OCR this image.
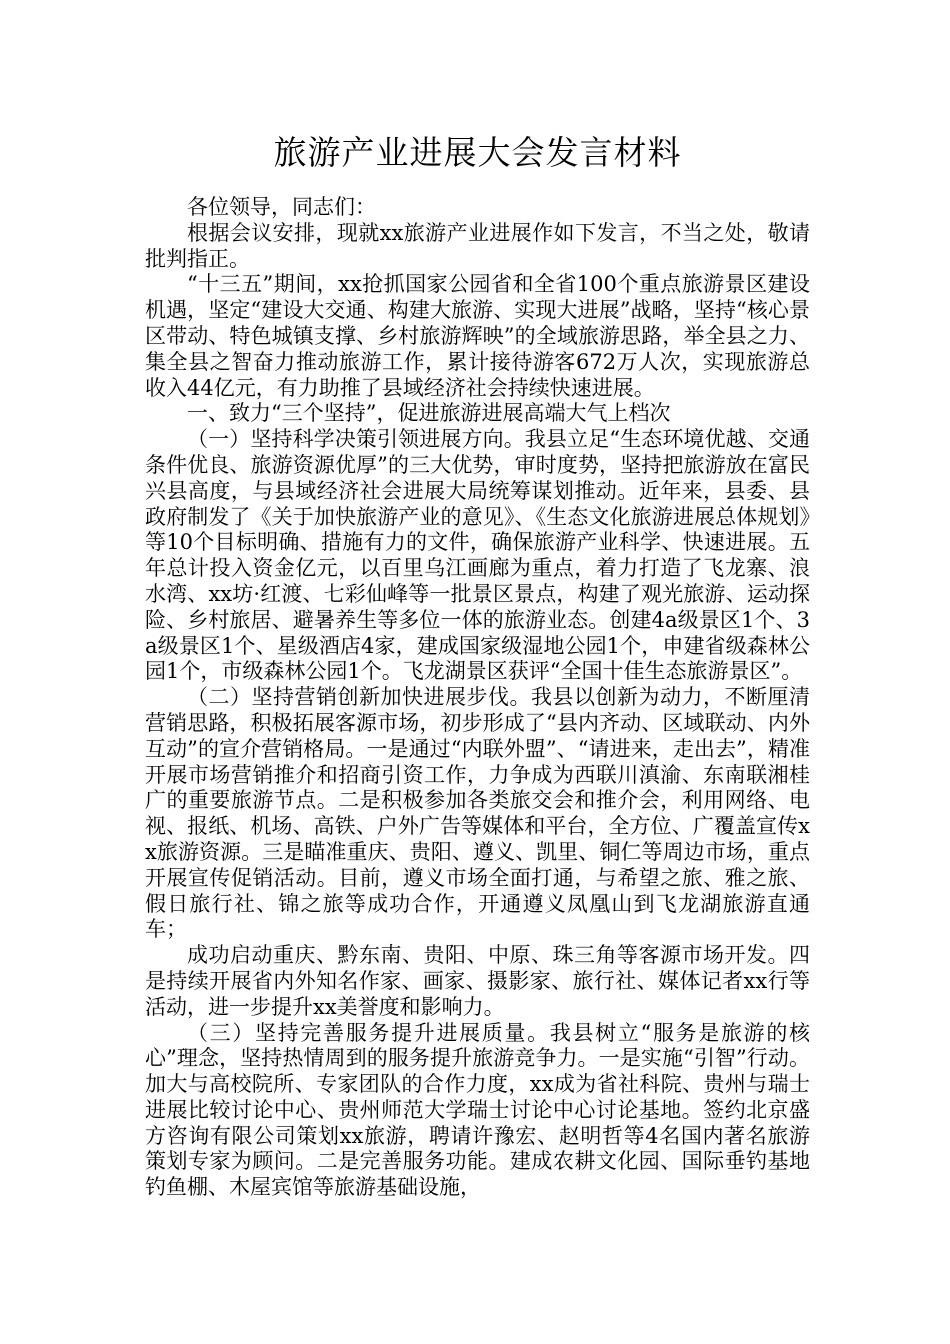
旅游产业进展大会发言材料

各位领导，同志们：

根据会议安排，现就xx旅游产业进展作如下发言，不当之处，敬请批判指正。

“十三五”期间，xx抢抓国家公园省和全省100个重点旅游景区建设机遇，坚定“建设大交通、构建大旅游、实现大进展”战略，坚持“核心景区带动、特色城镇支撑、乡村旅游辉映”的全域旅游思路，举全县之力、集全县之智奋力推动旅游工作，累计接待游客672万人次，实现旅游总收入44亿元，有力助推了县域经济社会持续快速进展。

一、致力“三个坚持”，促进旅游进展高端大气上档次

（一）坚持科学决策引领进展方向。我县立足“生态环境优越、交通条件优良、旅游资源优厚”的三大优势，审时度势，坚持把旅游放在富民兴县高度，与县域经济社会进展大局统筹谋划推动。近年来，县委、县政府制发了《关于加快旅游产业的意见》、《生态文化旅游进展总体规划》等10个目标明确、措施有力的文件，确保旅游产业科学、快速进展。五年总计投入资金亿元，以百里乌江画廊为重点，着力打造了飞龙寨、浪水湾、xx坊·红渡、七彩仙峰等一批景区景点，构建了观光旅游、运动探险、乡村旅居、避暑养生等多位一体的旅游业态。创建4a级景区1个、3a级景区1个、星级酒店4家，建成国家级湿地公园1个，申建省级森林公园1个，市级森林公园1个。飞龙湖景区获评“全国十佳生态旅游景区”。

（二）坚持营销创新加快进展步伐。我县以创新为动力，不断厘清营销思路，积极拓展客源市场，初步形成了“县内齐动、区域联动、内外互动”的宣介营销格局。一是通过“内联外盟”、“请进来，走出去”，精准开展市场营销推介和招商引资工作，力争成为西联川滇渝、东南联湘桂广的重要旅游节点。二是积极参加各类旅交会和推介会，利用网络、电视、报纸、机场、高铁、户外广告等媒体和平台，全方位、广覆盖宣传xx旅游资源。三是瞄准重庆、贵阳、遵义、凯里、铜仁等周边市场，重点开展宣传促销活动。目前，遵义市场全面打通，与希望之旅、雅之旅、假日旅行社、锦之旅等成功合作，开通遵义凤凰山到飞龙湖旅游直通车；

成功启动重庆、黔东南、贵阳、中原、珠三角等客源市场开发。四是持续开展省内外知名作家、画家、摄影家、旅行社、媒体记者xx行等活动，进一步提升xx美誉度和影响力。

（三）坚持完善服务提升进展质量。我县树立“服务是旅游的核心”理念，坚持热情周到的服务提升旅游竞争力。一是实施“引智”行动。加大与高校院所、专家团队的合作力度，xx成为省社科院、贵州与瑞士进展比较讨论中心、贵州师范大学瑞士讨论中心讨论基地。签约北京盛方咨询有限公司策划xx旅游，聘请许豫宏、赵明哲等4名国内著名旅游策划专家为顾问。二是完善服务功能。建成农耕文化园、国际垂钓基地钓鱼棚、木屋宾馆等旅游基础设施，
